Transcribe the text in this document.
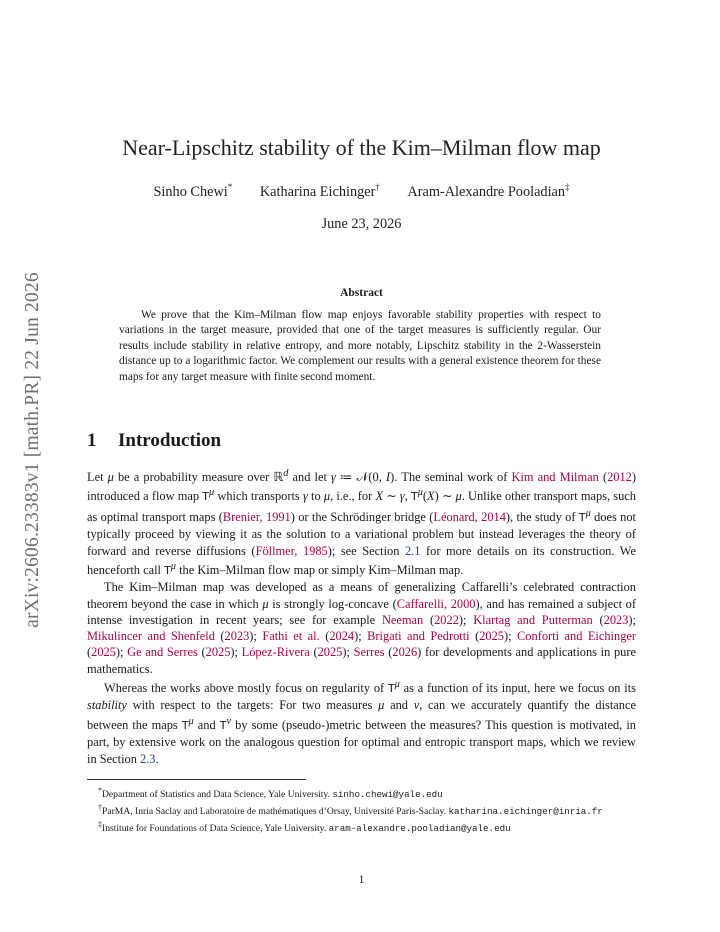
arXiv:2606.23383v1 [math.PR] 22 Jun 2026
Near-Lipschitz stability of the Kim–Milman flow map
Sinho Chewi* Katharina Eichinger† Aram-Alexandre Pooladian‡
June 23, 2026
Abstract
We prove that the Kim–Milman flow map enjoys favorable stability properties with respect to variations in the target measure, provided that one of the target measures is sufficiently regular. Our results include stability in relative entropy, and more notably, Lipschitz stability in the 2-Wasserstein distance up to a logarithmic factor. We complement our results with a general existence theorem for these maps for any target measure with finite second moment.
1 Introduction

Let μ be a probability measure over ℝ$^d$ and let γ ≔ 𝒩(0, I). The seminal work of Kim and Milman (2012) introduced a flow map $T^\mu$ which transports γ to μ, i.e., for X ∼ γ, $T^\mu(X)$ ∼ μ. Unlike other transport maps, such as optimal transport maps (Brenier, 1991) or the Schrödinger bridge (Léonard, 2014), the study of $T^\mu$ does not typically proceed by viewing it as the solution to a variational problem but instead leverages the theory of forward and reverse diffusions (Föllmer, 1985); see Section 2.1 for more details on its construction. We henceforth call $T^\mu$ the Kim–Milman flow map or simply Kim–Milman map.

The Kim–Milman map was developed as a means of generalizing Caffarelli’s celebrated contraction theorem beyond the case in which μ is strongly log-concave (Caffarelli, 2000), and has remained a subject of intense investigation in recent years; see for example Neeman (2022); Klartag and Putterman (2023); Mikulincer and Shenfeld (2023); Fathi et al. (2024); Brigati and Pedrotti (2025); Conforti and Eichinger (2025); Ge and Serres (2025); López-Rivera (2025); Serres (2026) for developments and applications in pure mathematics.

Whereas the works above mostly focus on regularity of $T^\mu$ as a function of its input, here we focus on its stability with respect to the targets: For two measures μ and ν, can we accurately quantify the distance between the maps $T^\mu$ and $T^\nu$ by some (pseudo-)metric between the measures? This question is motivated, in part, by extensive work on the analogous question for optimal and entropic transport maps, which we review in Section 2.3.

*Department of Statistics and Data Science, Yale University. sinho.chewi@yale.edu

†ParMA, Inria Saclay and Laboratoire de mathématiques d’Orsay, Université Paris-Saclay. katharina.eichinger@inria.fr

‡Institute for Foundations of Data Science, Yale University. aram-alexandre.pooladian@yale.edu

1
